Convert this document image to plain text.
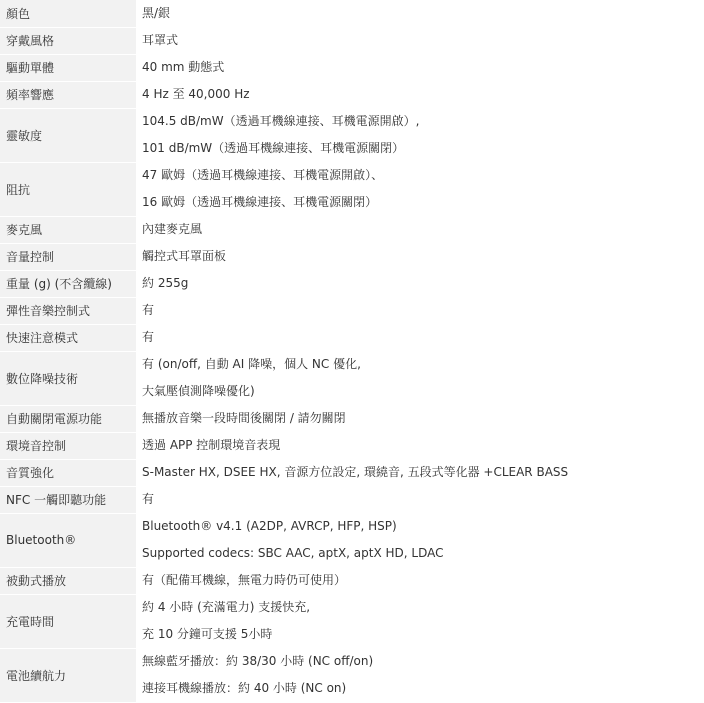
顏色	黑/銀

穿戴風格	耳罩式

驅動單體	40 mm 動態式

頻率響應	4 Hz 至 40,000 Hz

靈敏度	104.5 dB/mW（透過耳機線連接、耳機電源開啟）,
101 dB/mW（透過耳機線連接、耳機電源關閉）

阻抗	47 歐姆（透過耳機線連接、耳機電源開啟）、
16 歐姆（透過耳機線連接、耳機電源關閉）

麥克風	內建麥克風

音量控制	觸控式耳罩面板

重量 (g) (不含纜線)	約 255g

彈性音樂控制式	有

快速注意模式	有

數位降噪技術	有 (on/off, 自動 AI 降噪，個人 NC 優化,
大氣壓偵測降噪優化)

自動關閉電源功能	無播放音樂一段時間後關閉 / 請勿關閉

環境音控制	透過 APP 控制環境音表現

音質強化	S-Master HX, DSEE HX, 音源方位設定, 環繞音, 五段式等化器 +CLEAR BASS

NFC 一觸即聽功能	有

Bluetooth®	Bluetooth® v4.1 (A2DP, AVRCP, HFP, HSP)
Supported codecs: SBC AAC, aptX, aptX HD, LDAC

被動式播放	有（配備耳機線，無電力時仍可使用）

充電時間	約 4 小時 (充滿電力) 支援快充,
充 10 分鐘可支援 5小時

電池續航力	無線藍牙播放：約 38/30 小時 (NC off/on)
連接耳機線播放：約 40 小時 (NC on)
